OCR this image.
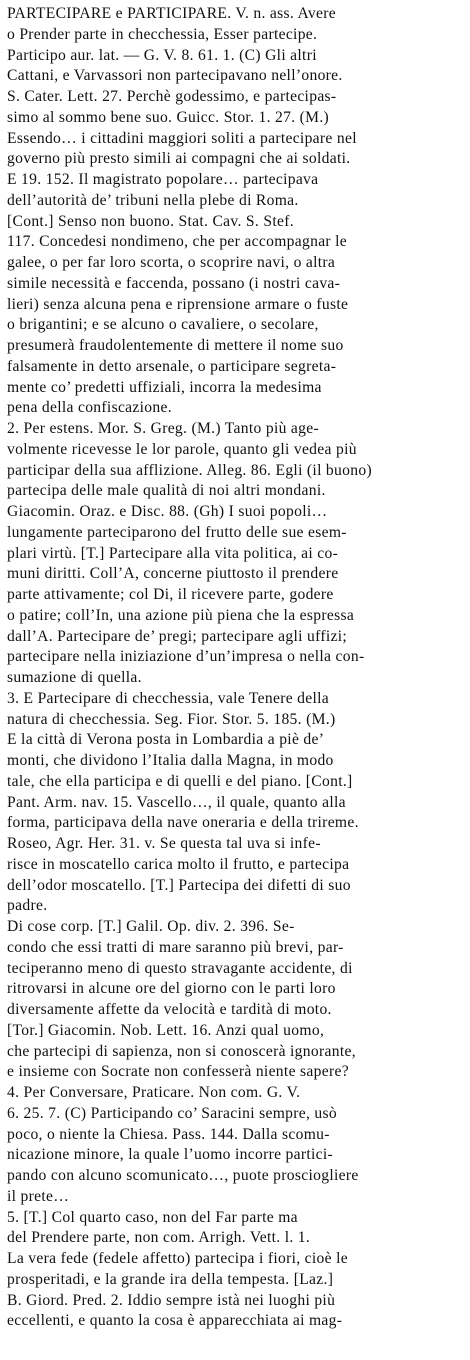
PARTECIPARE e PARTICIPARE. V. n. ass. Avere
o Prender parte in checchessia, Esser partecipe.
Participo aur. lat. — G. V. 8. 61. 1. (C) Gli altri
Cattani, e Varvassori non partecipavano nell’onore.
S. Cater. Lett. 27. Perchè godessimo, e partecipas-
simo al sommo bene suo. Guicc. Stor. 1. 27. (M.)
Essendo… i cittadini maggiori soliti a partecipare nel
governo più presto simili ai compagni che ai soldati.
E 19. 152. Il magistrato popolare… partecipava
dell’autorità de’ tribuni nella plebe di Roma.
[Cont.] Senso non buono. Stat. Cav. S. Stef.
117. Concedesi nondimeno, che per accompagnar le
galee, o per far loro scorta, o scoprire navi, o altra
simile necessità e faccenda, possano (i nostri cava-
lieri) senza alcuna pena e riprensione armare o fuste
o brigantini; e se alcuno o cavaliere, o secolare,
presumerà fraudolentemente di mettere il nome suo
falsamente in detto arsenale, o participare segreta-
mente co’ predetti uffiziali, incorra la medesima
pena della confiscazione.
2. Per estens. Mor. S. Greg. (M.) Tanto più age-
volmente ricevesse le lor parole, quanto gli vedea più
participar della sua afflizione. Alleg. 86. Egli (il buono)
partecipa delle male qualità di noi altri mondani.
Giacomin. Oraz. e Disc. 88. (Gh) I suoi popoli…
lungamente parteciparono del frutto delle sue esem-
plari virtù. [T.] Partecipare alla vita politica, ai co-
muni diritti. Coll’A, concerne piuttosto il prendere
parte attivamente; col Di, il ricevere parte, godere
o patire; coll’In, una azione più piena che la espressa
dall’A. Partecipare de’ pregi; partecipare agli uffizi;
partecipare nella iniziazione d’un’impresa o nella con-
sumazione di quella.
3. E Partecipare di checchessia, vale Tenere della
natura di checchessia. Seg. Fior. Stor. 5. 185. (M.)
E la città di Verona posta in Lombardia a piè de’
monti, che dividono l’Italia dalla Magna, in modo
tale, che ella participa e di quelli e del piano. [Cont.]
Pant. Arm. nav. 15. Vascello…, il quale, quanto alla
forma, participava della nave oneraria e della trireme.
Roseo, Agr. Her. 31. v. Se questa tal uva si infe-
risce in moscatello carica molto il frutto, e partecipa
dell’odor moscatello. [T.] Partecipa dei difetti di suo
padre.
Di cose corp. [T.] Galil. Op. div. 2. 396. Se-
condo che essi tratti di mare saranno più brevi, par-
teciperanno meno di questo stravagante accidente, di
ritrovarsi in alcune ore del giorno con le parti loro
diversamente affette da velocità e tardità di moto.
[Tor.] Giacomin. Nob. Lett. 16. Anzi qual uomo,
che partecipi di sapienza, non si conoscerà ignorante,
e insieme con Socrate non confesserà niente sapere?
4. Per Conversare, Praticare. Non com. G. V.
6. 25. 7. (C) Participando co’ Saracini sempre, usò
poco, o niente la Chiesa. Pass. 144. Dalla scomu-
nicazione minore, la quale l’uomo incorre partici-
pando con alcuno scomunicato…, puote prosciogliere
il prete…
5. [T.] Col quarto caso, non del Far parte ma
del Prendere parte, non com. Arrigh. Vett. l. 1.
La vera fede (fedele affetto) partecipa i fiori, cioè le
prosperitadi, e la grande ira della tempesta. [Laz.]
B. Giord. Pred. 2. Iddio sempre istà nei luoghi più
eccellenti, e quanto la cosa è apparecchiata ai mag-
